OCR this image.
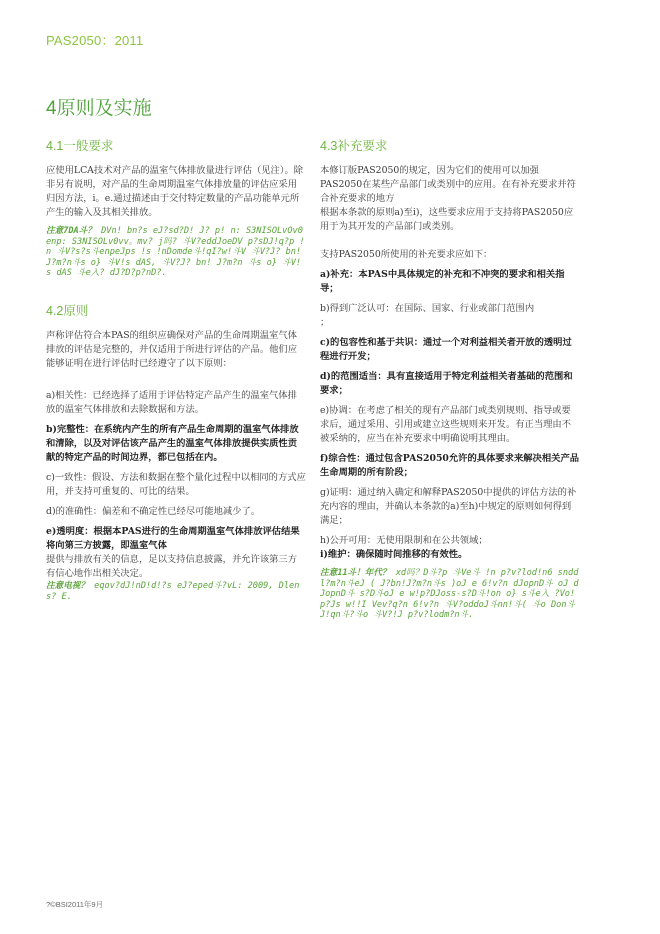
PAS2050：2011
4原则及实施
4.1一般要求

应使用LCA技术对产品的温室气体排放量进行评估（见注）。除非另有说明，对产品的生命周期温室气体排放量的评估应采用归因方法，i。e.通过描述由于交付特定数量的产品功能单元所产生的输入及其相关排放。

注意7DA斗？ DVn! bn?s eJ?sd?D! J? p! n: S3NISOLvOv0enp: S3NISOLv0vv。mv? j吗? 斗V?eddJoeDV p?sDJ!q?p !n 斗V?s?s斗enpeJps !s !nDomde斗!qI?w!斗V 斗V?J? bn! J?m?n斗s o} 斗V!s dAS, 斗V?J? bn! J?m?n 斗s o} 斗V!s dAS 斗e入? dJ?D?p?nD?.
4.2原则

声称评估符合本PAS的组织应确保对产品的生命周期温室气体排放的评估是完整的，并仅适用于所进行评估的产品。他们应能够证明在进行评估时已经遵守了以下原则：

a)相关性：已经选择了适用于评估特定产品产生的温室气体排放的温室气体排放和去除数据和方法。
b)完整性：在系统内产生的所有产品生命周期的温室气体排放和清除，以及对评估该产品产生的温室气体排放提供实质性贡献的特定产品的时间边界，都已包括在内。
c)一致性：假设、方法和数据在整个量化过程中以相同的方式应用，并支持可重复的、可比的结果。
d)的准确性：偏差和不确定性已经尽可能地减少了。
e)透明度：根据本PAS进行的生命周期温室气体排放评估结果将向第三方披露，即温室气体
提供与排放有关的信息，足以支持信息披露，并允许该第三方有信心地作出相关决定。
注意电视？ eqov?dJ!nD!d!?s eJ?eped斗?vL: 2009, Dlens? E.
4.3补充要求

本修订版PAS2050的规定，因为它们的使用可以加强PAS2050在某些产品部门或类别中的应用。在有补充要求并符合补充要求的地方

根据本条款的原则a)至i)，这些要求应用于支持将PAS2050应用于为其开发的产品部门或类别。

支持PAS2050所使用的补充要求应如下：

a)补充：本PAS中具体规定的补充和不冲突的要求和相关指导；
b)得到广泛认可：在国际、国家、行业或部门范围内
；
c)的包容性和基于共识：通过一个对利益相关者开放的透明过程进行开发；
d)的范围适当：具有直接适用于特定利益相关者基础的范围和要求；
e)协调：在考虑了相关的现有产品部门或类别规则、指导或要求后，通过采用、引用或建立这些规则来开发。有正当理由不被采纳的，应当在补充要求中明确说明其理由。
f)综合性：通过包含PAS2050允许的具体要求来解决相关产品生命周期的所有阶段；
g)证明：通过纳入确定和解释PAS2050中提供的评估方法的补充内容的理由，并确认本条款的a)至h)中规定的原则如何得到满足；
h)公开可用：无使用限制和在公共领域；
i)维护：确保随时间推移的有效性。
注意11斗！年代？ xd吗？D斗?p 斗Ve斗 !n p?v?lod!n6 snddl?m?n斗eJ ( J?bn!J?m?n斗s )oJ e 6!v?n dJopnD斗 oJ dJopnD斗 s?D斗oJ e w!p?DJoss-s?D斗!on o} s斗e入 ?Vo!p?Js w!!I Vev?q?n 6!v?n 斗V?oddoJ斗nn!斗( 斗o Don斗J!qn斗?斗o 斗V?!J p?v?lodm?n斗.
?©BSI2011年9月
